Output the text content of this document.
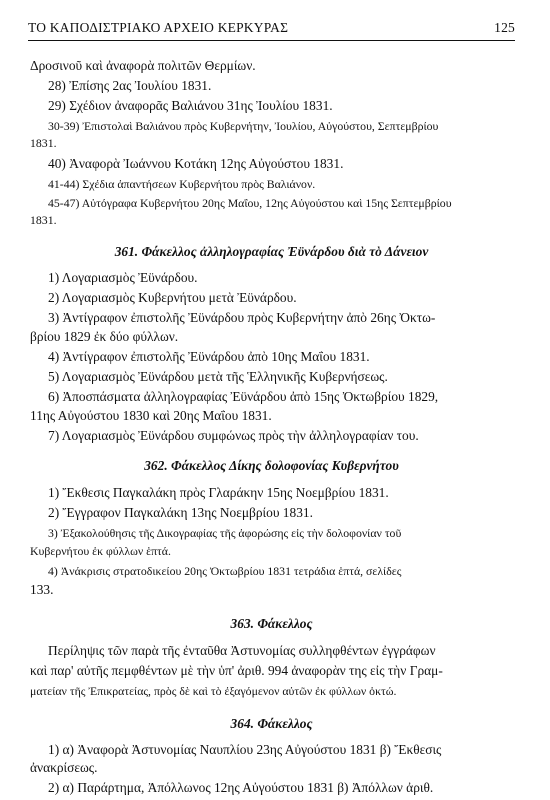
ΤΟ ΚΑΠΟΔΙΣΤΡΙΑΚΟ ΑΡΧΕΙΟ ΚΕΡΚΥΡΑΣ	125
Δροσινοῦ καὶ ἀναφορὰ πολιτῶν Θερμίων.
28) Ἐπίσης 2ας Ἰουλίου 1831.
29) Σχέδιον ἀναφορᾶς Βαλιάνου 31ης Ἰουλίου 1831.
30-39) Ἐπιστολαὶ Βαλιάνου πρὸς Κυβερνήτην, Ἰουλίου, Αὐγούστου, Σεπτεμβρίου
1831.
40) Ἀναφορὰ Ἰωάννου Κοτάκη 12ης Αὐγούστου 1831.
41-44) Σχέδια ἀπαντήσεων Κυβερνήτου πρὸς Βαλιάνον.
45-47) Αὐτόγραφα Κυβερνήτου 20ης Μαΐου, 12ης Αὐγούστου καὶ 15ης Σεπτεμβρίου
1831.
361. Φάκελλος ἀλληλογραφίας Ἐϋνάρδου διὰ τὸ Δάνειον
1) Λογαριασμὸς Ἐϋνάρδου.
2) Λογαριασμὸς Κυβερνήτου μετὰ Ἐϋνάρδου.
3) Ἀντίγραφον ἐπιστολῆς Ἐϋνάρδου πρὸς Κυβερνήτην ἀπὸ 26ης Ὀκτω-
βρίου 1829 ἐκ δύο φύλλων.
4) Ἀντίγραφον ἐπιστολῆς Ἐϋνάρδου ἀπὸ 10ης Μαΐου 1831.
5) Λογαριασμὸς Ἐϋνάρδου μετὰ τῆς Ἑλληνικῆς Κυβερνήσεως.
6) Ἀποσπάσματα ἀλληλογραφίας Ἐϋνάρδου ἀπὸ 15ης Ὀκτωβρίου 1829,
11ης Αὐγούστου 1830 καὶ 20ης Μαΐου 1831.
7) Λογαριασμὸς Ἐϋνάρδου συμφώνως πρὸς τὴν ἀλληλογραφίαν του.
362. Φάκελλος Δίκης δολοφονίας Κυβερνήτου
1) Ἔκθεσις Παγκαλάκη πρὸς Γλαράκην 15ης Νοεμβρίου 1831.
2) Ἔγγραφον Παγκαλάκη 13ης Νοεμβρίου 1831.
3) Ἐξακολούθησις τῆς Δικογραφίας τῆς ἀφορώσης εἰς τὴν δολοφονίαν τοῦ
Κυβερνήτου ἐκ φύλλων ἑπτά.
4) Ἀνάκρισις στρατοδικείου 20ης Ὀκτωβρίου 1831 τετράδια ἑπτά, σελίδες
133.
363. Φάκελλος
Περίληψις τῶν παρὰ τῆς ἐνταῦθα Ἀστυνομίας συλληφθέντων ἐγγράφων
καὶ παρ' αὐτῆς πεμφθέντων μὲ τὴν ὑπ' ἀριθ. 994 ἀναφορὰν της εἰς τὴν Γραμ-
ματείαν τῆς Ἐπικρατείας, πρὸς δὲ καὶ τὸ ἐξαγόμενον αὐτῶν ἐκ φύλλων ὀκτώ.
364. Φάκελλος
1) α) Ἀναφορὰ Ἀστυνομίας Ναυπλίου 23ης Αὐγούστου 1831 β) Ἔκθεσις
ἀνακρίσεως.
2) α) Παράρτημα, Ἀπόλλωνος 12ης Αὐγούστου 1831 β) Ἀπόλλων ἀριθ.
